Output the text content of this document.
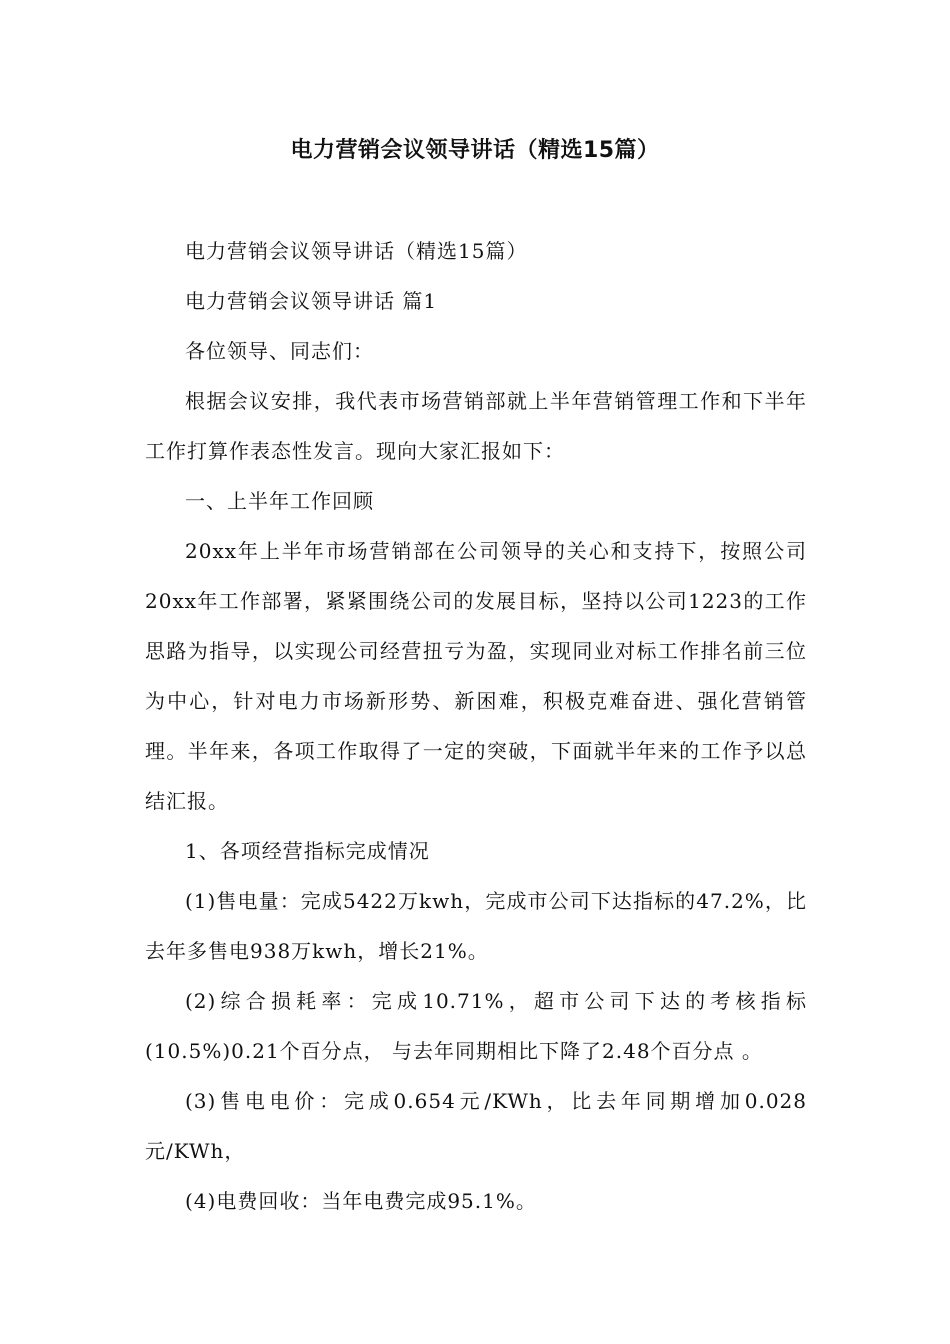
电力营销会议领导讲话（精选15篇）

电力营销会议领导讲话（精选15篇）

电力营销会议领导讲话 篇1

各位领导、同志们：

根据会议安排，我代表市场营销部就上半年营销管理工作和下半年工作打算作表态性发言。现向大家汇报如下：

一、上半年工作回顾

20xx年上半年市场营销部在公司领导的关心和支持下，按照公司20xx年工作部署，紧紧围绕公司的发展目标，坚持以公司1223的工作思路为指导，以实现公司经营扭亏为盈，实现同业对标工作排名前三位为中心，针对电力市场新形势、新困难，积极克难奋进、强化营销管理。半年来，各项工作取得了一定的突破，下面就半年来的工作予以总结汇报。

1、各项经营指标完成情况

(1)售电量：完成5422万kwh，完成市公司下达指标的47.2%，比去年多售电938万kwh，增长21%。

(2)综合损耗率：完成10.71%，超市公司下达的考核指标(10.5%)0.21个百分点， 与去年同期相比下降了2.48个百分点 。

(3)售电电价：完成0.654元/KWh，比去年同期增加0.028元/KWh，

(4)电费回收：当年电费完成95.1%。
